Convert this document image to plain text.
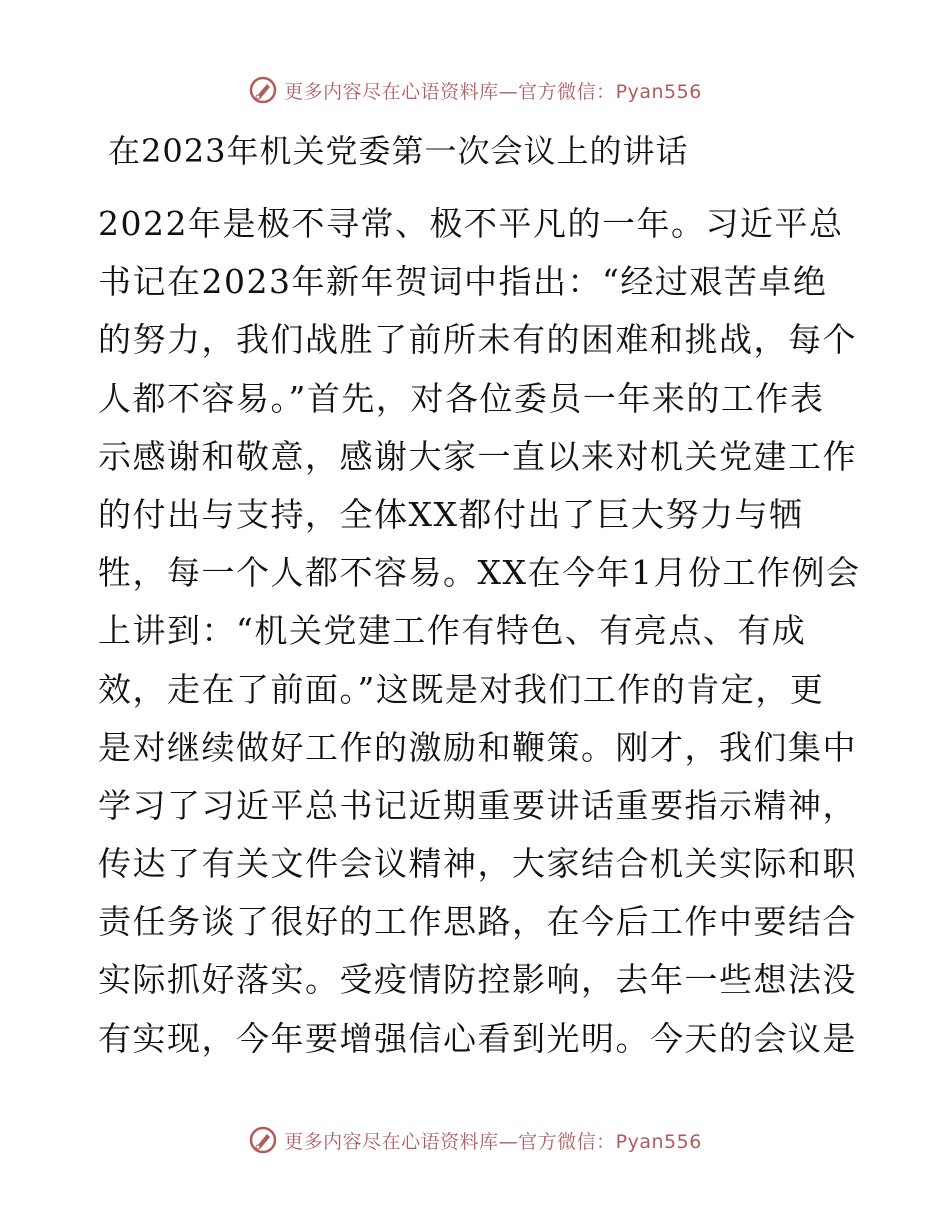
更多内容尽在心语资料库—官方微信：Pyan556
在2023年机关党委第一次会议上的讲话
2022年是极不寻常、极不平凡的一年。习近平总
书记在2023年新年贺词中指出：“经过艰苦卓绝
的努力，我们战胜了前所未有的困难和挑战，每个
人都不容易。”首先，对各位委员一年来的工作表
示感谢和敬意，感谢大家一直以来对机关党建工作
的付出与支持，全体XX都付出了巨大努力与牺
牲，每一个人都不容易。XX在今年1月份工作例会
上讲到：“机关党建工作有特色、有亮点、有成
效，走在了前面。”这既是对我们工作的肯定，更
是对继续做好工作的激励和鞭策。刚才，我们集中
学习了习近平总书记近期重要讲话重要指示精神，
传达了有关文件会议精神，大家结合机关实际和职
责任务谈了很好的工作思路，在今后工作中要结合
实际抓好落实。受疫情防控影响，去年一些想法没
有实现，今年要增强信心看到光明。今天的会议是
更多内容尽在心语资料库—官方微信：Pyan556
